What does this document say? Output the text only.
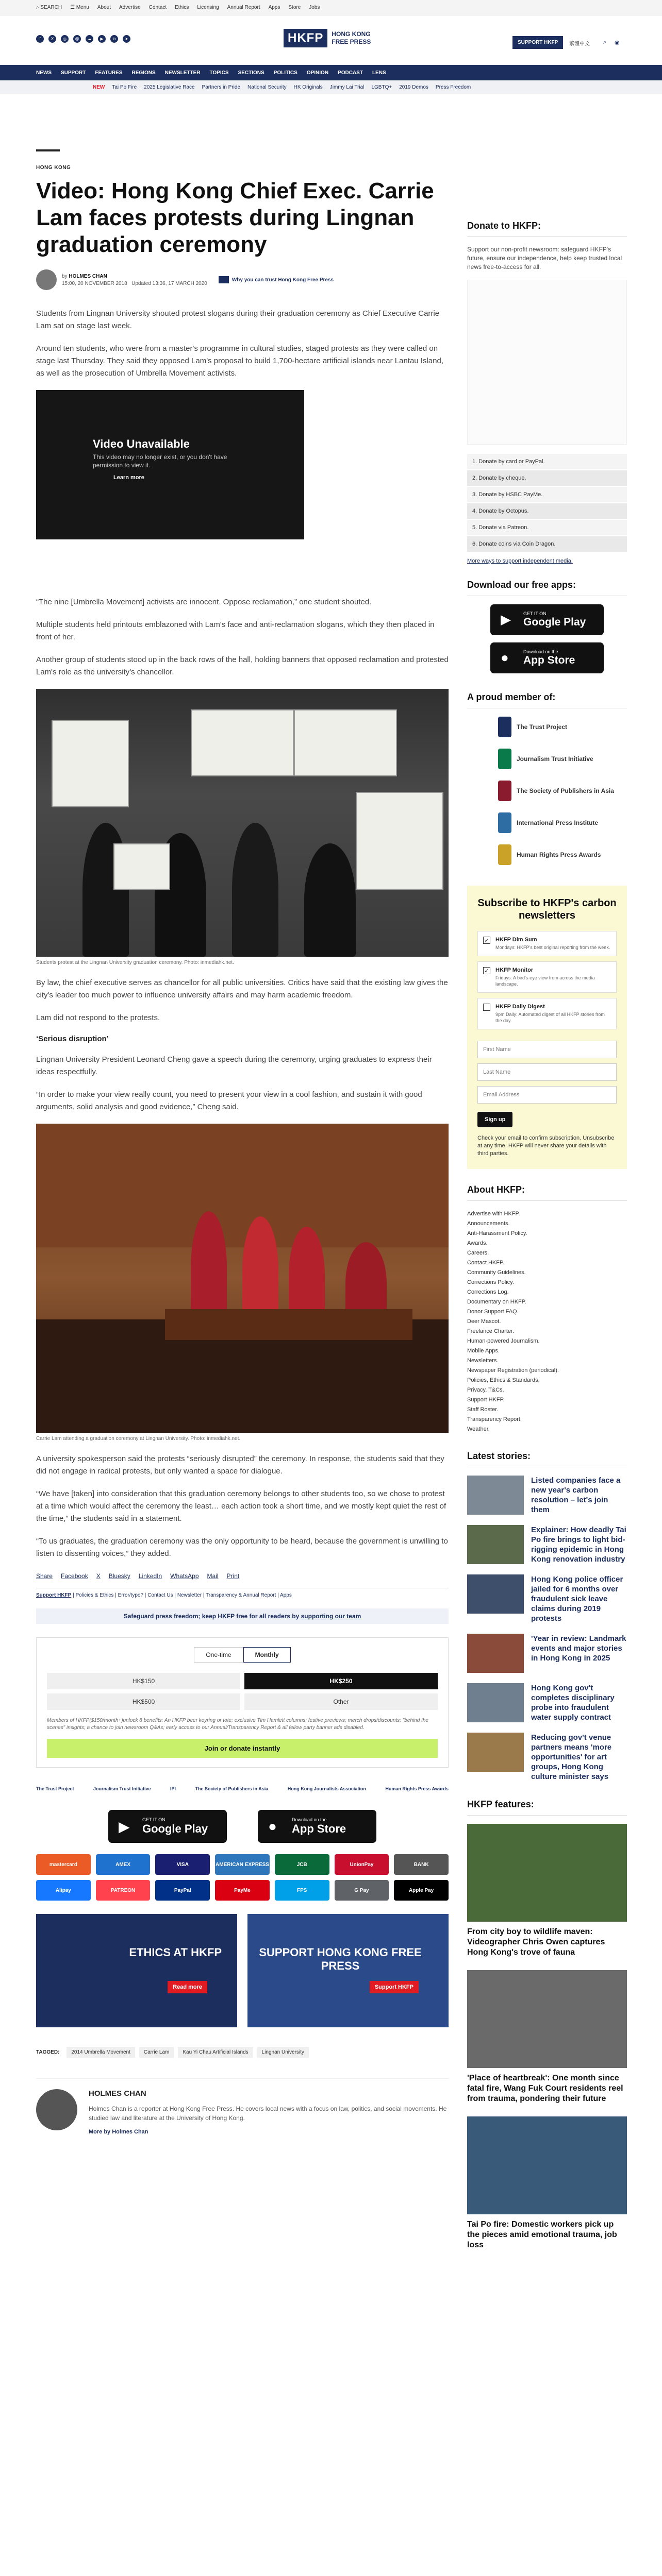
⌕ SEARCH ☰ Menu About Advertise Contact Ethics Licensing Annual Report Apps Store Jobs
f	X	◎	@	☁	▶	in	➤	HKFP	HONG KONG
FREE PRESS	SUPPORT HKFP	繁體中文 ⌕ ◉
NEWS SUPPORT FEATURES REGIONS NEWSLETTER TOPICS SECTIONS POLITICS OPINION PODCAST LENS
NEW Tai Po Fire 2025 Legislative Race Partners in Pride National Security HK Originals Jimmy Lai Trial LGBTQ+ 2019 Demos Press Freedom
HONG KONG
Video: Hong Kong Chief Exec. Carrie Lam faces protests during Lingnan graduation ceremony
by HOLMES CHAN
15:00, 20 NOVEMBER 2018 Updated 13:36, 17 MARCH 2020
Why you can trust Hong Kong Free Press

Students from Lingnan University shouted protest slogans during their graduation ceremony as Chief Executive Carrie Lam sat on stage last week.

Around ten students, who were from a master's programme in cultural studies, staged protests as they were called on stage last Thursday. They said they opposed Lam's proposal to build 1,700-hectare artificial islands near Lantau Island, as well as the prosecution of Umbrella Movement activists.

Video Unavailable
This video may no longer exist, or you don't have permission to view it.
Learn more

“The nine [Umbrella Movement] activists are innocent. Oppose reclamation,” one student shouted.

Multiple students held printouts emblazoned with Lam's face and anti-reclamation slogans, which they then placed in front of her.

Another group of students stood up in the back rows of the hall, holding banners that opposed reclamation and protested Lam's role as the university's chancellor.

Students protest at the Lingnan University graduation ceremony. Photo: inmediahk.net.

By law, the chief executive serves as chancellor for all public universities. Critics have said that the existing law gives the city's leader too much power to influence university affairs and may harm academic freedom.

Lam did not respond to the protests.

‘Serious disruption’

Lingnan University President Leonard Cheng gave a speech during the ceremony, urging graduates to express their ideas respectfully.

“In order to make your view really count, you need to present your view in a cool fashion, and sustain it with good arguments, solid analysis and good evidence,” Cheng said.

Carrie Lam attending a graduation ceremony at Lingnan University. Photo: inmediahk.net.

A university spokesperson said the protests “seriously disrupted” the ceremony. In response, the students said that they did not engage in radical protests, but only wanted a space for dialogue.

“We have [taken] into consideration that this graduation ceremony belongs to other students too, so we chose to protest at a time which would affect the ceremony the least… each action took a short time, and we mostly kept quiet the rest of the time,” the students said in a statement.

“To us graduates, the graduation ceremony was the only opportunity to be heard, because the government is unwilling to listen to dissenting voices,” they added.

Share Facebook X Bluesky LinkedIn WhatsApp Mail Print
Support HKFP | Policies & Ethics | Error/typo? | Contact Us | Newsletter | Transparency & Annual Report | Apps
Safeguard press freedom; keep HKFP free for all readers by supporting our team
One-time	Monthly
HK$150	HK$250
HK$500	Other
Members of HKFP($150/month+)unlock 8 benefits: An HKFP beer keyring or tote; exclusive Tim Hamlett columns; festive previews; merch drops/discounts; "behind the scenes" insights; a chance to join newsroom Q&As; early access to our Annual/Transparency Report & all fellow party banner ads disabled.
Join or donate instantly
The Trust Project	Journalism Trust Initiative	IPI	The Society of Publishers in Asia	Hong Kong Journalists Association	Human Rights Press Awards
▶	GET IT ON
Google Play	●	Download on the
App Store
mastercard	AMEX	VISA	AMERICAN EXPRESS	JCB	UnionPay	BANK
Alipay	PATREON	PayPal	PayMe	FPS	G Pay	Apple Pay
ETHICS AT HKFP
Read more
SUPPORT HONG KONG FREE PRESS
Support HKFP
TAGGED:	2014 Umbrella Movement	Carrie Lam	Kau Yi Chau Artificial Islands	Lingnan University
HOLMES CHAN
Holmes Chan is a reporter at Hong Kong Free Press. He covers local news with a focus on law, politics, and social movements. He studied law and literature at the University of Hong Kong.
More by Holmes Chan
Donate to HKFP:
Support our non-profit newsroom: safeguard HKFP's future, ensure our independence, help keep trusted local news free-to-access for all.
1. Donate by card or PayPal.
2. Donate by cheque.
3. Donate by HSBC PayMe.
4. Donate by Octopus.
5. Donate via Patreon.
6. Donate coins via Coin Dragon.
More ways to support independent media.
Download our free apps:
▶	GET IT ON
Google Play
●	Download on the
App Store
A proud member of:
The Trust Project
Journalism Trust Initiative
The Society of Publishers in Asia
International Press Institute
Human Rights Press Awards
Subscribe to HKFP's carbon newsletters
✓ HKFP Dim Sum
Mondays: HKFP's best original reporting from the week.
✓ HKFP Monitor
Fridays: A bird's-eye view from across the media landscape.
HKFP Daily Digest
9pm Daily: Automated digest of all HKFP stories from the day.
First Name
Last Name
Email Address
Sign up
Check your email to confirm subscription. Unsubscribe at any time. HKFP will never share your details with third parties.
About HKFP:
Advertise with HKFP.
Announcements.
Anti-Harassment Policy.
Awards.
Careers.
Contact HKFP.
Community Guidelines.
Corrections Policy.
Corrections Log.
Documentary on HKFP.
Donor Support FAQ.
Deer Mascot.
Freelance Charter.
Human-powered Journalism.
Mobile Apps.
Newsletters.
Newspaper Registration (periodical).
Policies, Ethics & Standards.
Privacy, T&Cs.
Support HKFP.
Staff Roster.
Transparency Report.
Weather.
Latest stories:
Listed companies face a new year's carbon resolution – let's join them
Explainer: How deadly Tai Po fire brings to light bid-rigging epidemic in Hong Kong renovation industry
Hong Kong police officer jailed for 6 months over fraudulent sick leave claims during 2019 protests
'Year in review: Landmark events and major stories in Hong Kong in 2025
Hong Kong gov't completes disciplinary probe into fraudulent water supply contract
Reducing gov't venue partners means 'more opportunities' for art groups, Hong Kong culture minister says
HKFP features:
From city boy to wildlife maven: Videographer Chris Owen captures Hong Kong's trove of fauna
'Place of heartbreak': One month since fatal fire, Wang Fuk Court residents reel from trauma, pondering their future
Tai Po fire: Domestic workers pick up the pieces amid emotional trauma, job loss
